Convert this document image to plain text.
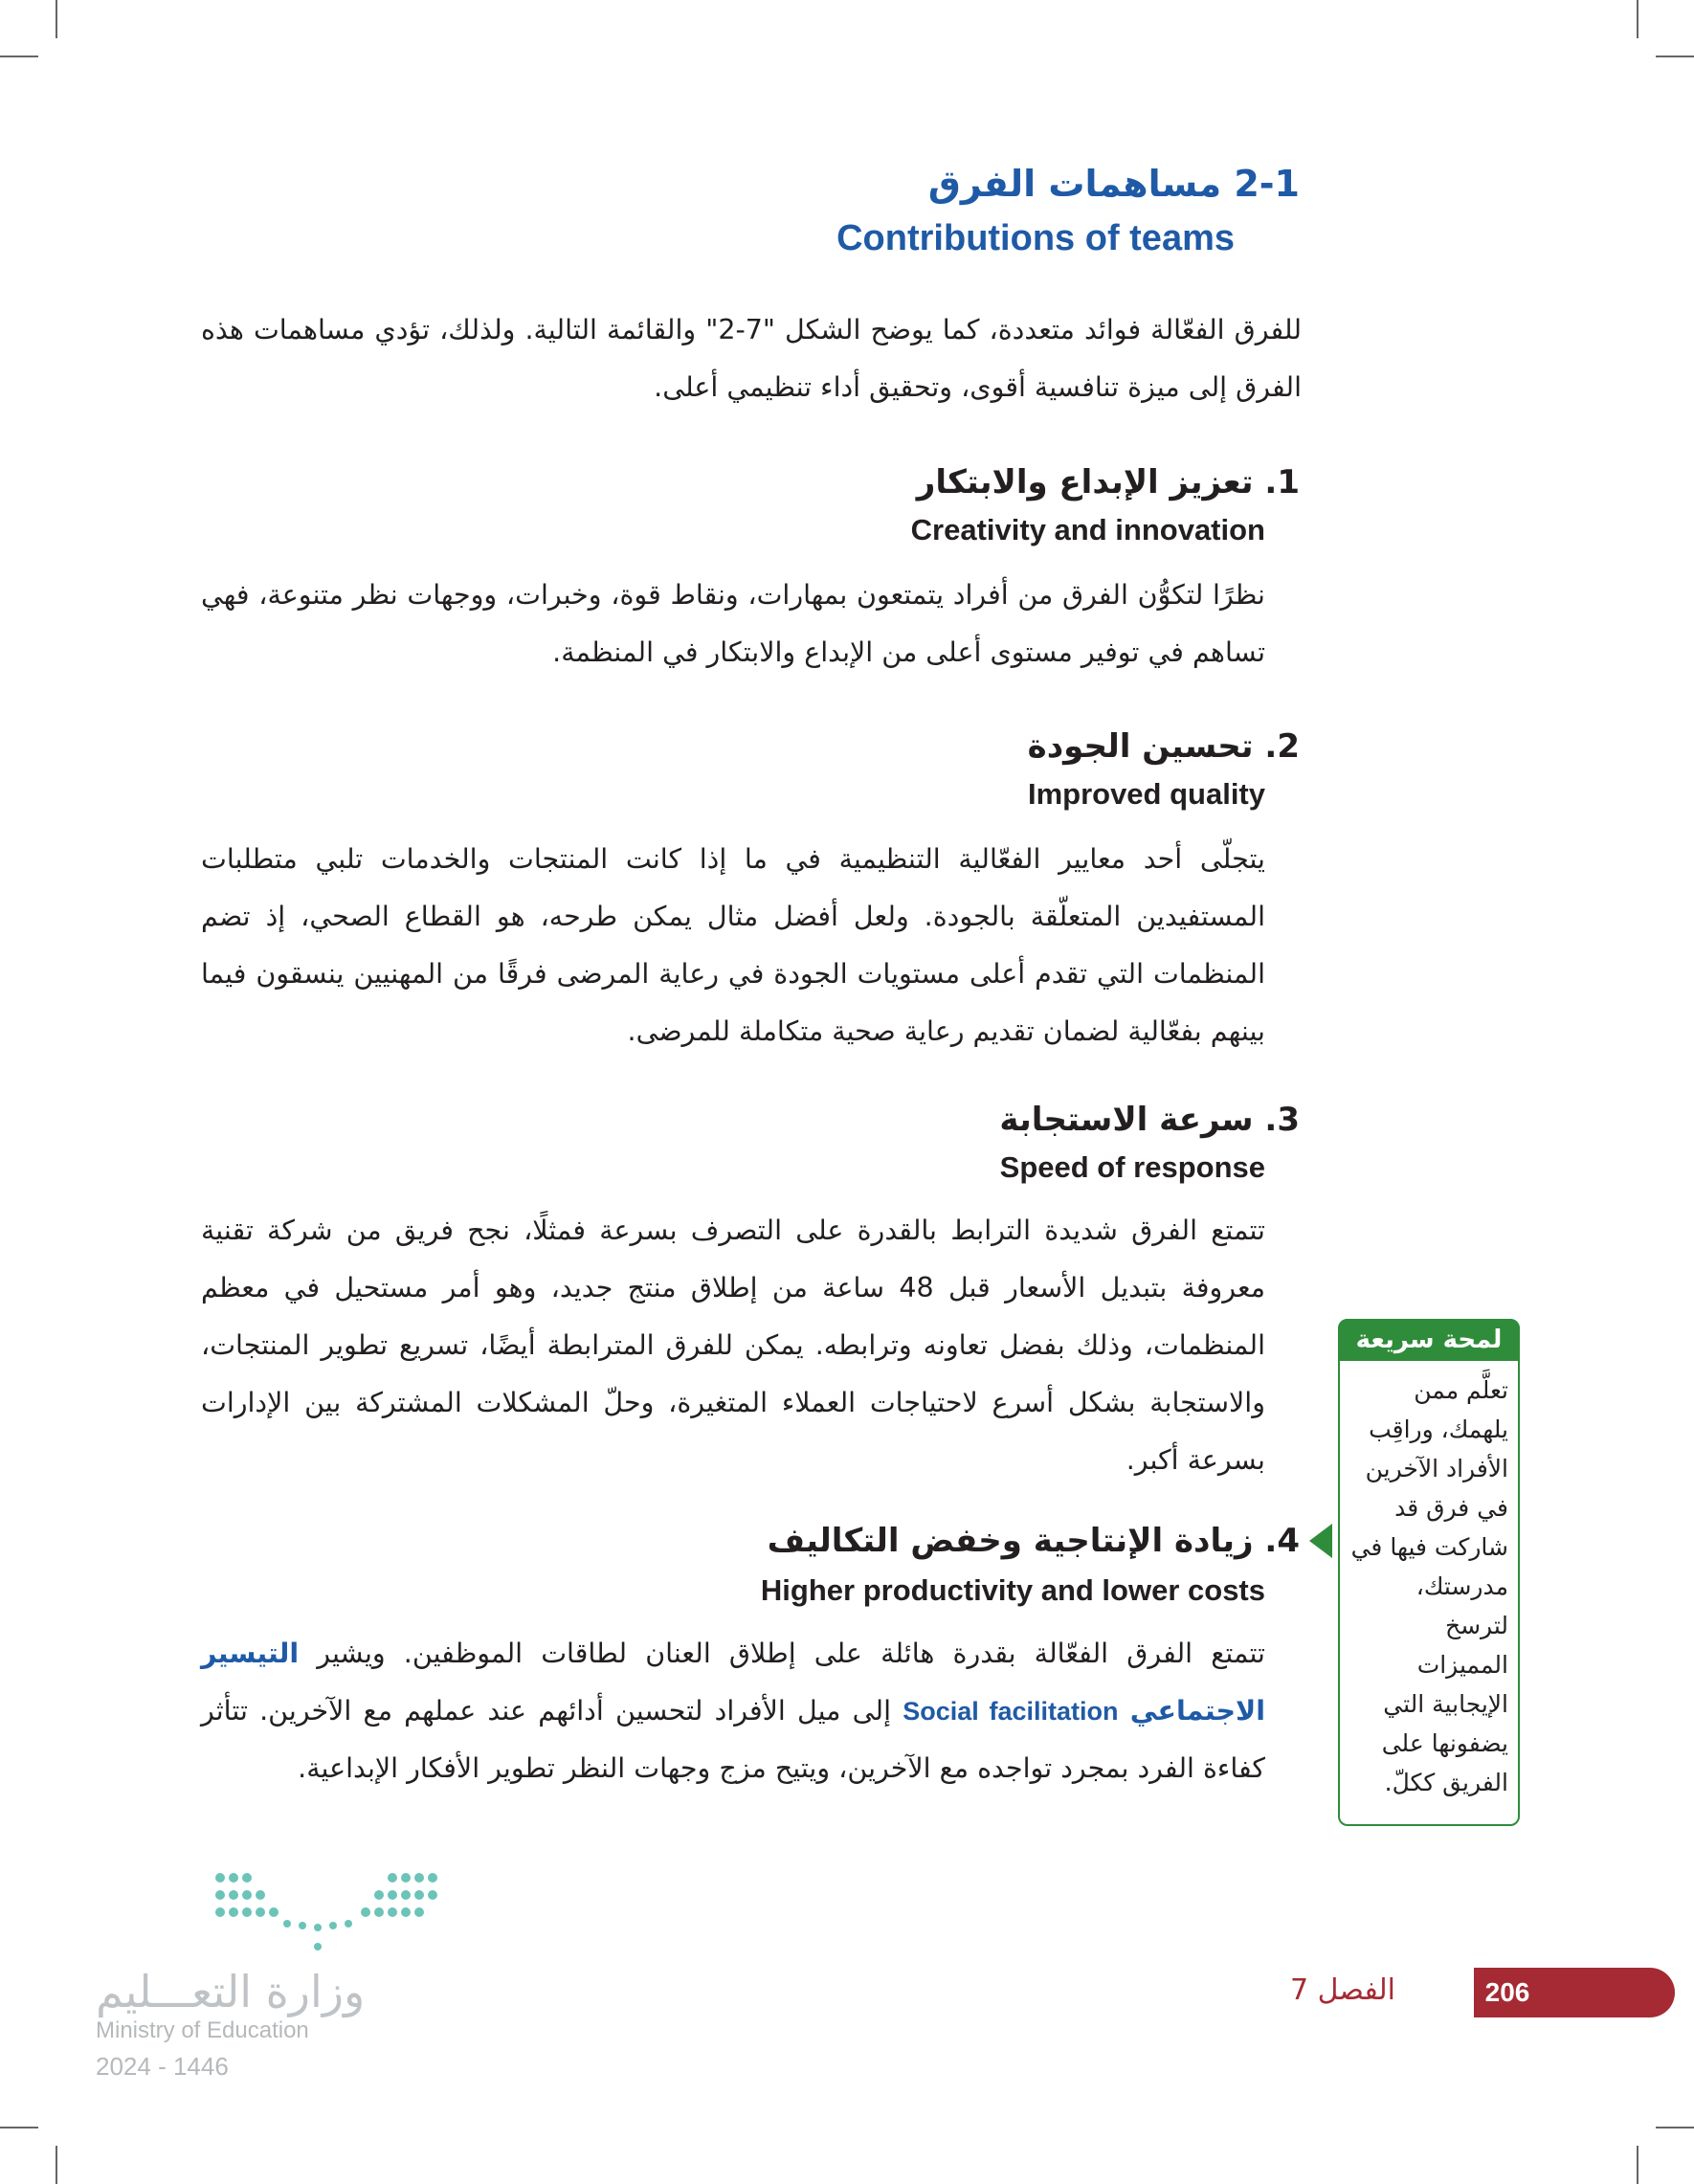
2-1 مساهمات الفرق
Contributions of teams

للفرق الفعّالة فوائد متعددة، كما يوضح الشكل "7-2" والقائمة التالية. ولذلك، تؤدي مساهمات هذه الفرق إلى ميزة تنافسية أقوى، وتحقيق أداء تنظيمي أعلى.

1. تعزيز الإبداع والابتكار
Creativity and innovation

نظرًا لتكوُّن الفرق من أفراد يتمتعون بمهارات، ونقاط قوة، وخبرات، ووجهات نظر متنوعة، فهي تساهم في توفير مستوى أعلى من الإبداع والابتكار في المنظمة.

2. تحسين الجودة
Improved quality

يتجلّى أحد معايير الفعّالية التنظيمية في ما إذا كانت المنتجات والخدمات تلبي متطلبات المستفيدين المتعلّقة بالجودة. ولعل أفضل مثال يمكن طرحه، هو القطاع الصحي، إذ تضم المنظمات التي تقدم أعلى مستويات الجودة في رعاية المرضى فرقًا من المهنيين ينسقون فيما بينهم بفعّالية لضمان تقديم رعاية صحية متكاملة للمرضى.

3. سرعة الاستجابة
Speed of response

تتمتع الفرق شديدة الترابط بالقدرة على التصرف بسرعة فمثلًا، نجح فريق من شركة تقنية معروفة بتبديل الأسعار قبل 48 ساعة من إطلاق منتج جديد، وهو أمر مستحيل في معظم المنظمات، وذلك بفضل تعاونه وترابطه. يمكن للفرق المترابطة أيضًا، تسريع تطوير المنتجات، والاستجابة بشكل أسرع لاحتياجات العملاء المتغيرة، وحلّ المشكلات المشتركة بين الإدارات بسرعة أكبر.

4. زيادة الإنتاجية وخفض التكاليف
Higher productivity and lower costs

تتمتع الفرق الفعّالة بقدرة هائلة على إطلاق العنان لطاقات الموظفين. ويشير التيسير الاجتماعي Social facilitation إلى ميل الأفراد لتحسين أدائهم عند عملهم مع الآخرين. تتأثر كفاءة الفرد بمجرد تواجده مع الآخرين، ويتيح مزج وجهات النظر تطوير الأفكار الإبداعية.

لمحة سريعة
تعلَّم ممن يلهمك، وراقِب الأفراد الآخرين في فرق قد شاركت فيها في مدرستك، لترسخ المميزات الإيجابية التي يضفونها على الفريق ككلّ.
وزارة التعـــليم
Ministry of Education
2024 - 1446
الفصل 7	206
